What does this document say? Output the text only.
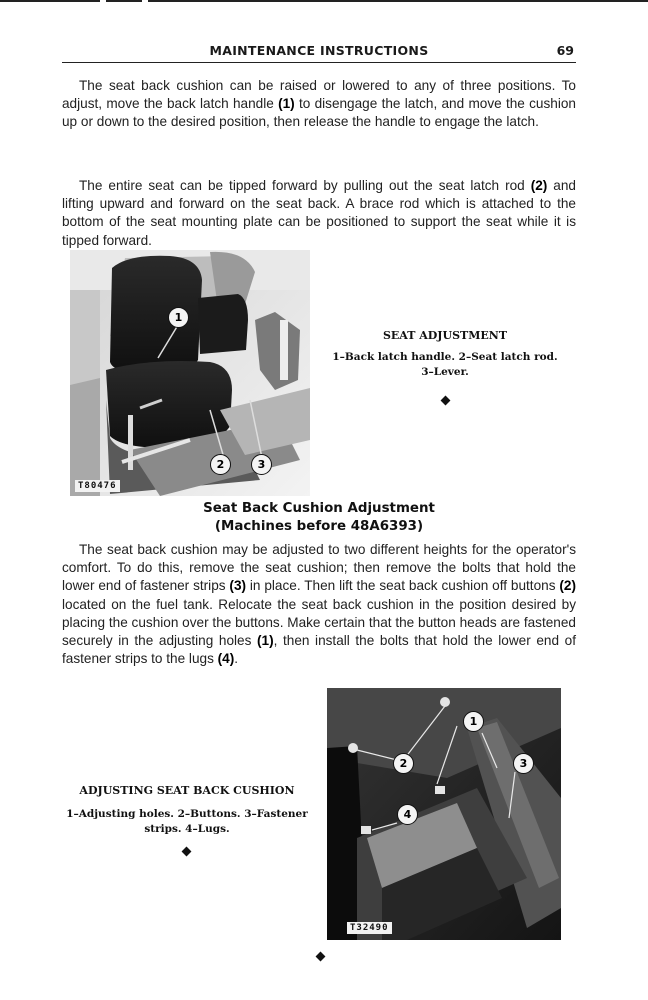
MAINTENANCE INSTRUCTIONS	69

The seat back cushion can be raised or lowered to any of three positions. To adjust, move the back latch handle (1) to disengage the latch, and move the cushion up or down to the desired position, then release the handle to engage the latch.

The entire seat can be tipped forward by pulling out the seat latch rod (2) and lifting upward and forward on the seat back. A brace rod which is attached to the bottom of the seat mounting plate can be positioned to support the seat while it is tipped forward.

1
2	3
T80476
SEAT ADJUSTMENT
1–Back latch handle. 2–Seat latch rod.
3–Lever.
Seat Back Cushion Adjustment
(Machines before 48A6393)

The seat back cushion may be adjusted to two different heights for the operator's comfort. To do this, remove the seat cushion; then remove the bolts that hold the lower end of fastener strips (3) in place. Then lift the seat back cushion off buttons (2) located on the fuel tank. Relocate the seat back cushion in the position desired by placing the cushion over the buttons. Make certain that the button heads are fastened securely in the adjusting holes (1), then install the bolts that hold the lower end of fastener strips to the lugs (4).

1
2	3
4
T32490
ADJUSTING SEAT BACK CUSHION
1–Adjusting holes. 2–Buttons. 3–Fastener
strips. 4–Lugs.
